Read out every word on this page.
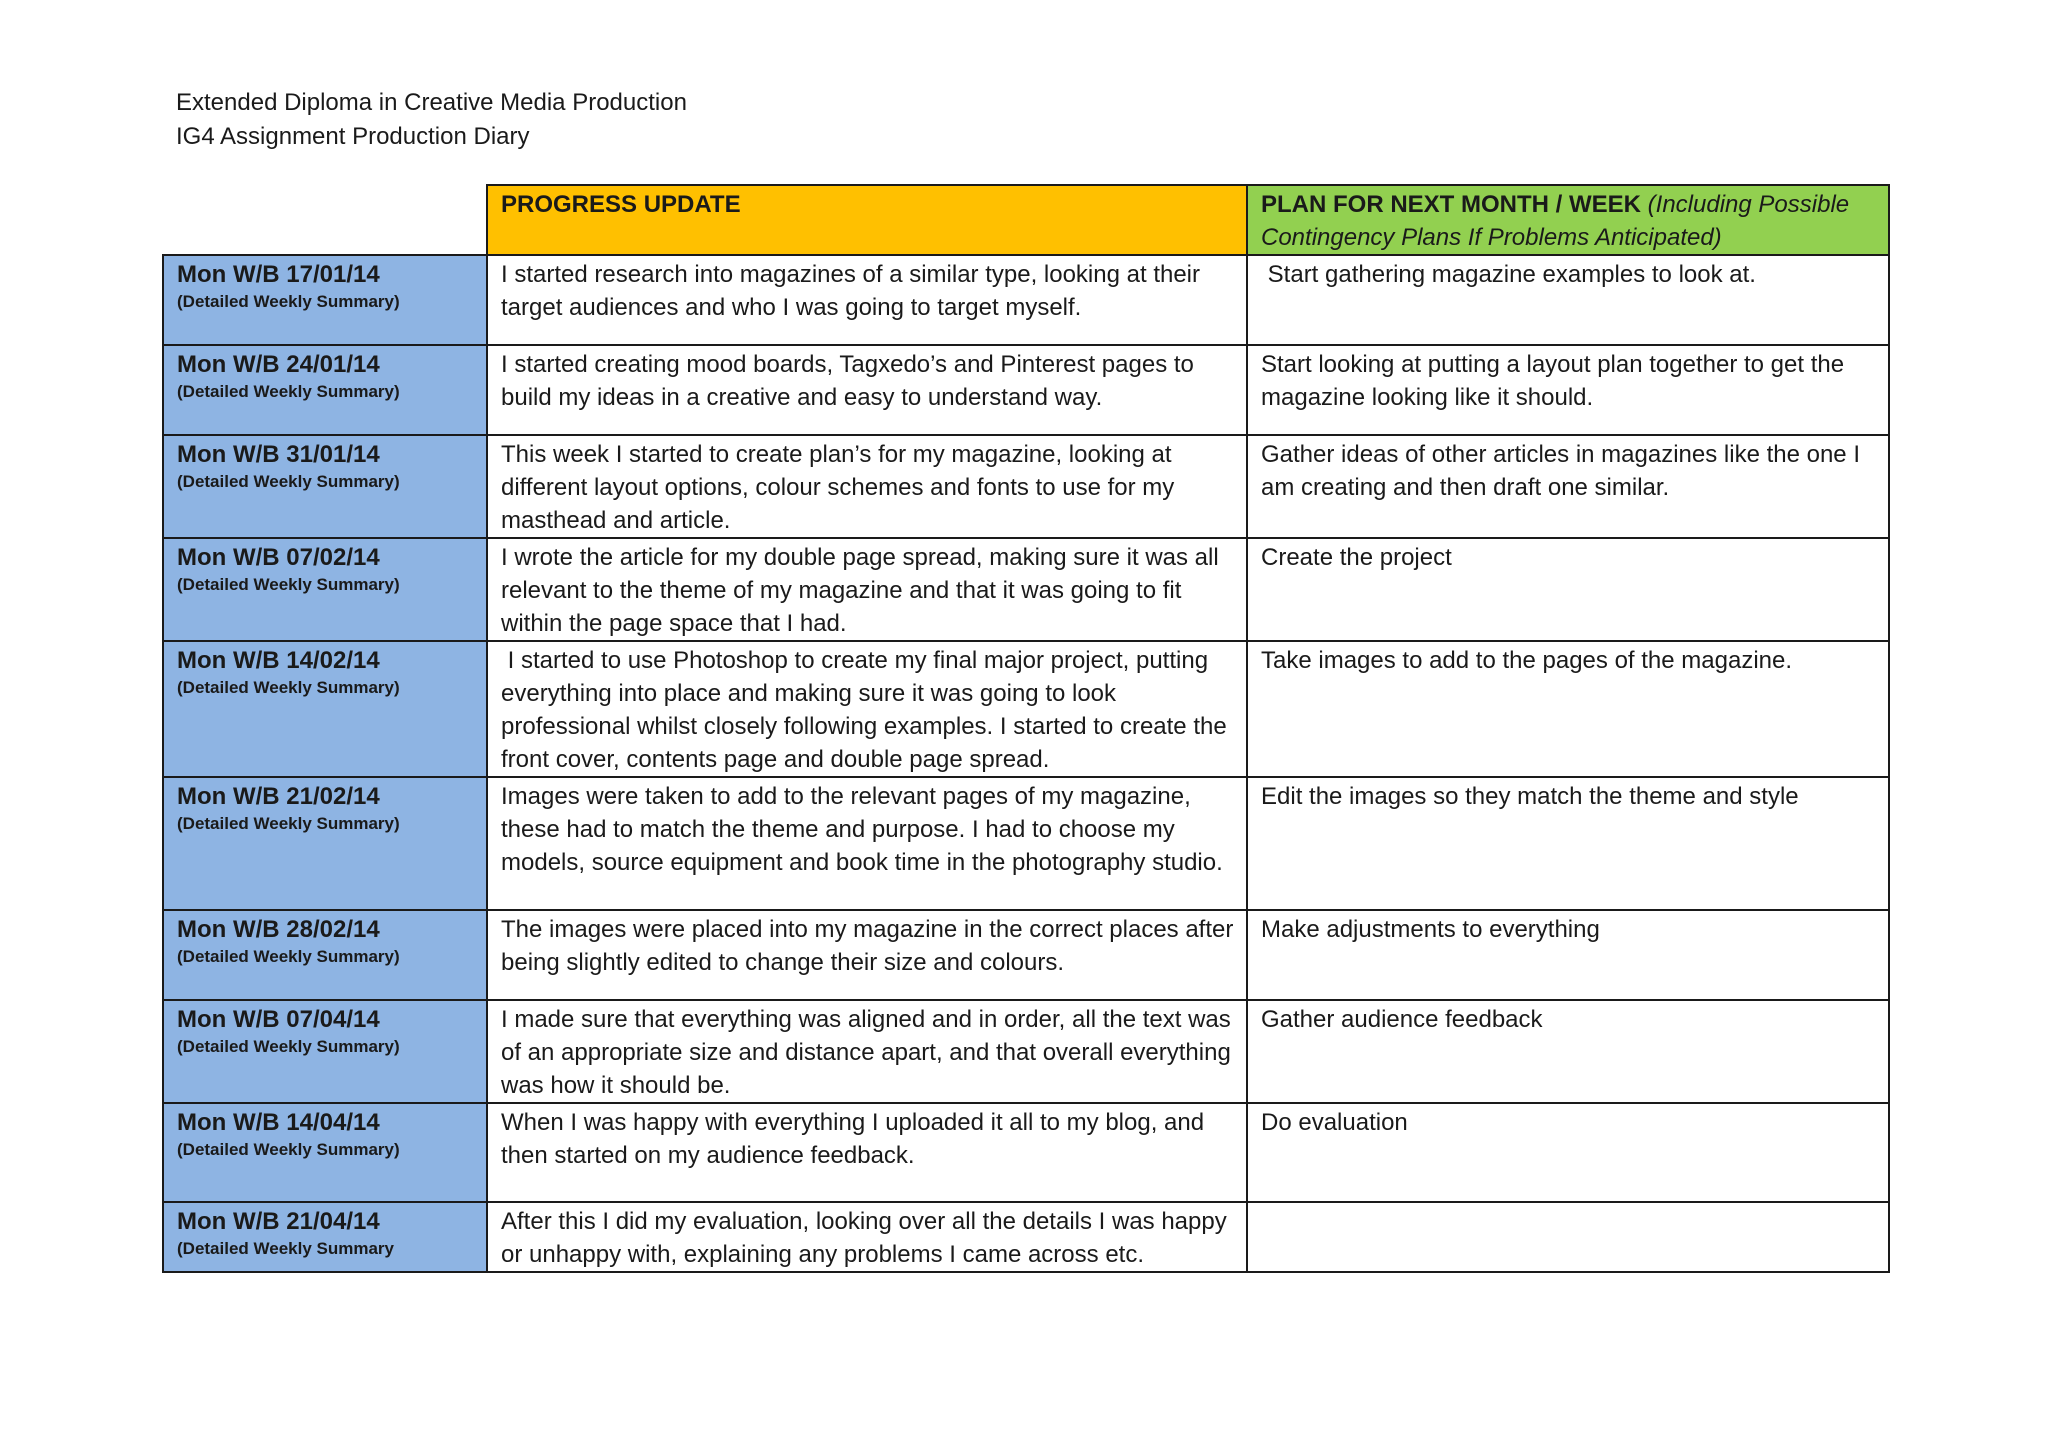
Extended Diploma in Creative Media Production
IG4 Assignment Production Diary
	PROGRESS UPDATE	PLAN FOR NEXT MONTH / WEEK (Including Possible Contingency Plans If Problems Anticipated)

Mon W/B 17/01/14
(Detailed Weekly Summary)	I started research into magazines of a similar type, looking at their target audiences and who I was going to target myself.	Start gathering magazine examples to look at.

Mon W/B 24/01/14
(Detailed Weekly Summary)	I started creating mood boards, Tagxedo’s and Pinterest pages to build my ideas in a creative and easy to understand way.	Start looking at putting a layout plan together to get the magazine looking like it should.

Mon W/B 31/01/14
(Detailed Weekly Summary)	This week I started to create plan’s for my magazine, looking at different layout options, colour schemes and fonts to use for my masthead and article.	Gather ideas of other articles in magazines like the one I am creating and then draft one similar.

Mon W/B 07/02/14
(Detailed Weekly Summary)	I wrote the article for my double page spread, making sure it was all relevant to the theme of my magazine and that it was going to fit within the page space that I had.	Create the project

Mon W/B 14/02/14
(Detailed Weekly Summary)	I started to use Photoshop to create my final major project, putting everything into place and making sure it was going to look professional whilst closely following examples. I started to create the front cover, contents page and double page spread.	Take images to add to the pages of the magazine.

Mon W/B 21/02/14
(Detailed Weekly Summary)	Images were taken to add to the relevant pages of my magazine, these had to match the theme and purpose. I had to choose my models, source equipment and book time in the photography studio.	Edit the images so they match the theme and style

Mon W/B 28/02/14
(Detailed Weekly Summary)	The images were placed into my magazine in the correct places after being slightly edited to change their size and colours.	Make adjustments to everything

Mon W/B 07/04/14
(Detailed Weekly Summary)	I made sure that everything was aligned and in order, all the text was of an appropriate size and distance apart, and that overall everything was how it should be.	Gather audience feedback

Mon W/B 14/04/14
(Detailed Weekly Summary)	When I was happy with everything I uploaded it all to my blog, and then started on my audience feedback.	Do evaluation

Mon W/B 21/04/14
(Detailed Weekly Summary	After this I did my evaluation, looking over all the details I was happy or unhappy with, explaining any problems I came across etc.	
